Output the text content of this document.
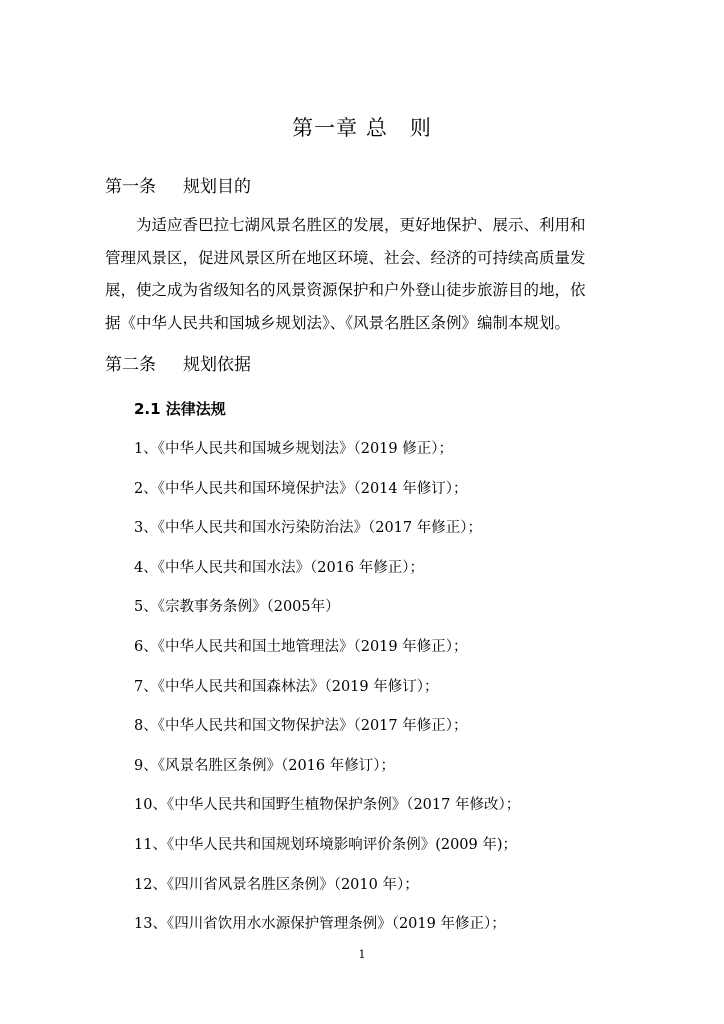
第一章 总　则
第一条 规划目的
为适应香巴拉七湖风景名胜区的发展，更好地保护、展示、利用和
管理风景区，促进风景区所在地区环境、社会、经济的可持续高质量发
展，使之成为省级知名的风景资源保护和户外登山徒步旅游目的地，依
据《中华人民共和国城乡规划法》、《风景名胜区条例》编制本规划。
第二条 规划依据
2.1 法律法规
1、《中华人民共和国城乡规划法》（2019 修正）；
2、《中华人民共和国环境保护法》（2014 年修订）；
3、《中华人民共和国水污染防治法》（2017 年修正）；
4、《中华人民共和国水法》（2016 年修正）；
5、《宗教事务条例》（2005年）
6、《中华人民共和国土地管理法》（2019 年修正）；
7、《中华人民共和国森林法》（2019 年修订）；
8、《中华人民共和国文物保护法》（2017 年修正）；
9、《风景名胜区条例》（2016 年修订）；
10、《中华人民共和国野生植物保护条例》（2017 年修改）；
11、《中华人民共和国规划环境影响评价条例》(2009 年)；
12、《四川省风景名胜区条例》（2010 年）；
13、《四川省饮用水水源保护管理条例》（2019 年修正）；
1
